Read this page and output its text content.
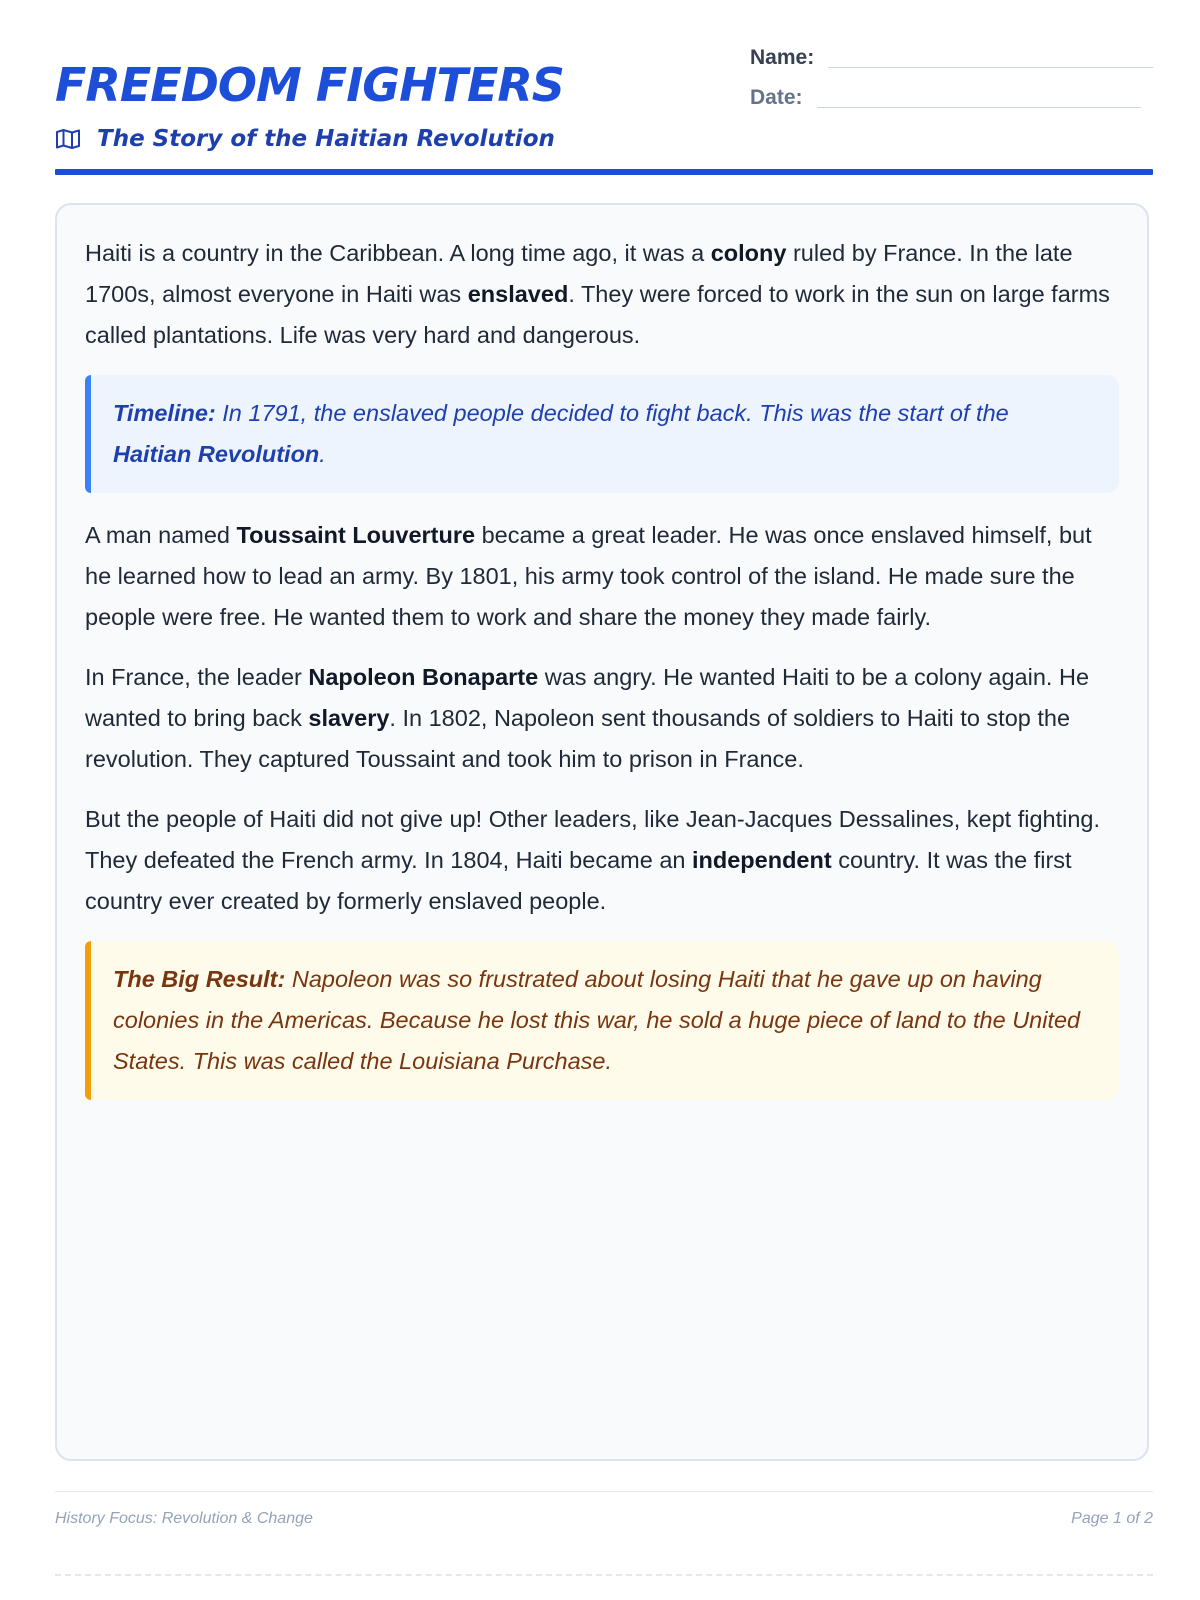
FREEDOM FIGHTERS
The Story of the Haitian Revolution
Name:
Date:

Haiti is a country in the Caribbean. A long time ago, it was a colony ruled by France. In the late 1700s, almost everyone in Haiti was enslaved. They were forced to work in the sun on large farms called plantations. Life was very hard and dangerous.

Timeline: In 1791, the enslaved people decided to fight back. This was the start of the Haitian Revolution.

A man named Toussaint Louverture became a great leader. He was once enslaved himself, but he learned how to lead an army. By 1801, his army took control of the island. He made sure the people were free. He wanted them to work and share the money they made fairly.

In France, the leader Napoleon Bonaparte was angry. He wanted Haiti to be a colony again. He wanted to bring back slavery. In 1802, Napoleon sent thousands of soldiers to Haiti to stop the revolution. They captured Toussaint and took him to prison in France.

But the people of Haiti did not give up! Other leaders, like Jean-Jacques Dessalines, kept fighting. They defeated the French army. In 1804, Haiti became an independent country. It was the first country ever created by formerly enslaved people.

The Big Result: Napoleon was so frustrated about losing Haiti that he gave up on having colonies in the Americas. Because he lost this war, he sold a huge piece of land to the United States. This was called the Louisiana Purchase.
History Focus: Revolution & Change	Page 1 of 2
